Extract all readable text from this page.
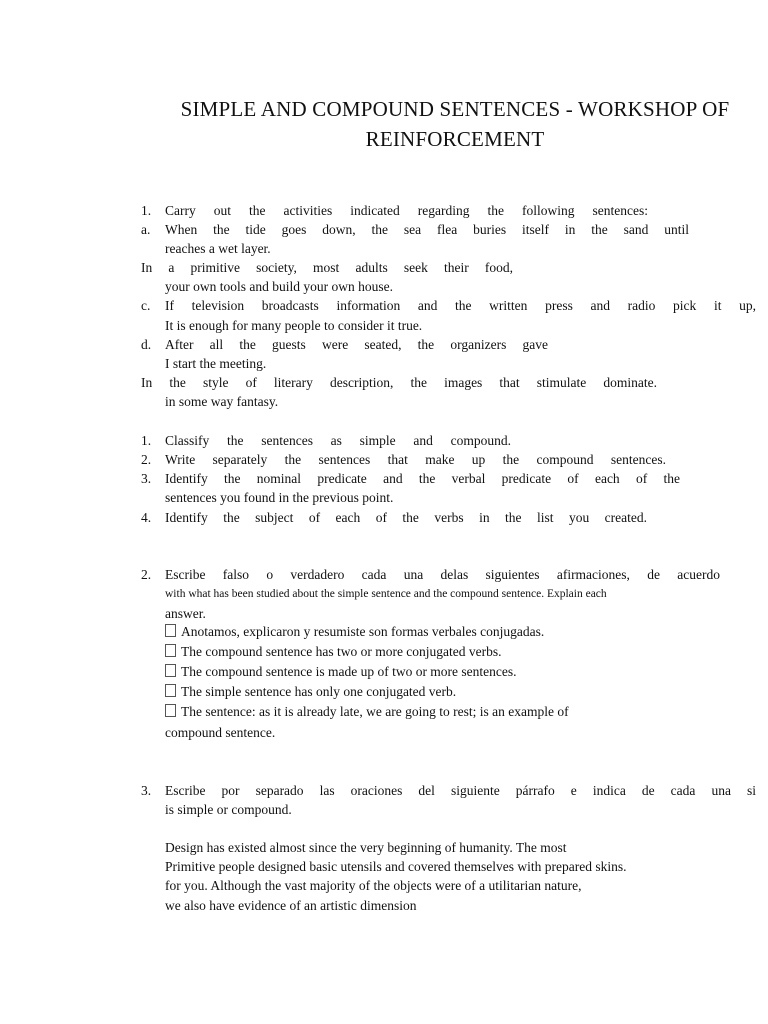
SIMPLE AND COMPOUND SENTENCES - WORKSHOP OF
REINFORCEMENT
1. Carry out the activities indicated regarding the following sentences:
a. When the tide goes down, the sea flea buries itself in the sand until
reaches a wet layer.
In a primitive society, most adults seek their food,
your own tools and build your own house.
c. If television broadcasts information and the written press and radio pick it up,
It is enough for many people to consider it true.
d. After all the guests were seated, the organizers gave
I start the meeting.
In the style of literary description, the images that stimulate dominate.
in some way fantasy.
1. Classify the sentences as simple and compound.
2. Write separately the sentences that make up the compound sentences.
3. Identify the nominal predicate and the verbal predicate of each of the
sentences you found in the previous point.
4. Identify the subject of each of the verbs in the list you created.
2. Escribe falso o verdadero cada una delas siguientes afirmaciones, de acuerdo
with what has been studied about the simple sentence and the compound sentence. Explain each
answer.
Anotamos, explicaron y resumiste son formas verbales conjugadas.
The compound sentence has two or more conjugated verbs.
The compound sentence is made up of two or more sentences.
The simple sentence has only one conjugated verb.
The sentence: as it is already late, we are going to rest; is an example of
compound sentence.
3. Escribe por separado las oraciones del siguiente párrafo e indica de cada una si
is simple or compound.
Design has existed almost since the very beginning of humanity. The most
Primitive people designed basic utensils and covered themselves with prepared skins.
for you. Although the vast majority of the objects were of a utilitarian nature,
we also have evidence of an artistic dimension
